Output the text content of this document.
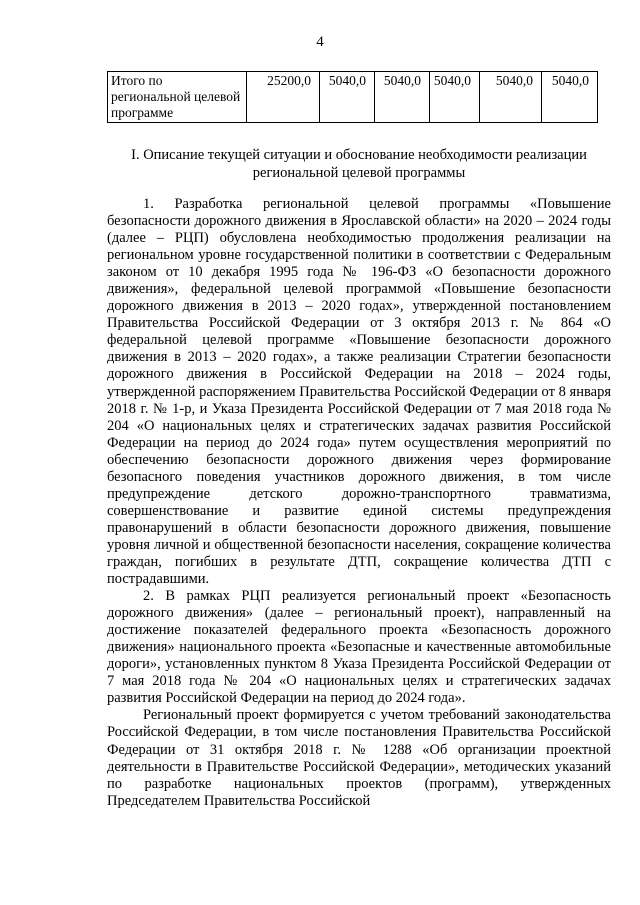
4
Итого по региональной целевой программе	25200,0	5040,0	5040,0	5040,0	5040,0	5040,0
I. Описание текущей ситуации и обоснование необходимости реализации региональной целевой программы

1. Разработка региональной целевой программы «Повышение безопасности дорожного движения в Ярославской области» на 2020 – 2024 годы (далее – РЦП) обусловлена необходимостью продолжения реализации на региональном уровне государственной политики в соответствии с Федеральным законом от 10 декабря 1995 года № 196-ФЗ «О безопасности дорожного движения», федеральной целевой программой «Повышение безопасности дорожного движения в 2013 – 2020 годах», утвержденной постановлением Правительства Российской Федерации от 3 октября 2013 г. № 864 «О федеральной целевой программе «Повышение безопасности дорожного движения в 2013 – 2020 годах», а также реализации Стратегии безопасности дорожного движения в Российской Федерации на 2018 – 2024 годы, утвержденной распоряжением Правительства Российской Федерации от 8 января 2018 г. № 1-р, и Указа Президента Российской Федерации от 7 мая 2018 года № 204 «О национальных целях и стратегических задачах развития Российской Федерации на период до 2024 года» путем осуществления мероприятий по обеспечению безопасности дорожного движения через формирование безопасного поведения участников дорожного движения, в том числе предупреждение детского дорожно-транспортного травматизма, совершенствование и развитие единой системы предупреждения правонарушений в области безопасности дорожного движения, повышение уровня личной и общественной безопасности населения, сокращение количества граждан, погибших в результате ДТП, сокращение количества ДТП с пострадавшими.

2. В рамках РЦП реализуется региональный проект «Безопасность дорожного движения» (далее – региональный проект), направленный на достижение показателей федерального проекта «Безопасность дорожного движения» национального проекта «Безопасные и качественные автомобильные дороги», установленных пунктом 8 Указа Президента Российской Федерации от 7 мая 2018 года № 204 «О национальных целях и стратегических задачах развития Российской Федерации на период до 2024 года».

Региональный проект формируется с учетом требований законодательства Российской Федерации, в том числе постановления Правительства Российской Федерации от 31 октября 2018 г. № 1288 «Об организации проектной деятельности в Правительстве Российской Федерации», методических указаний по разработке национальных проектов (программ), утвержденных Председателем Правительства Российской
